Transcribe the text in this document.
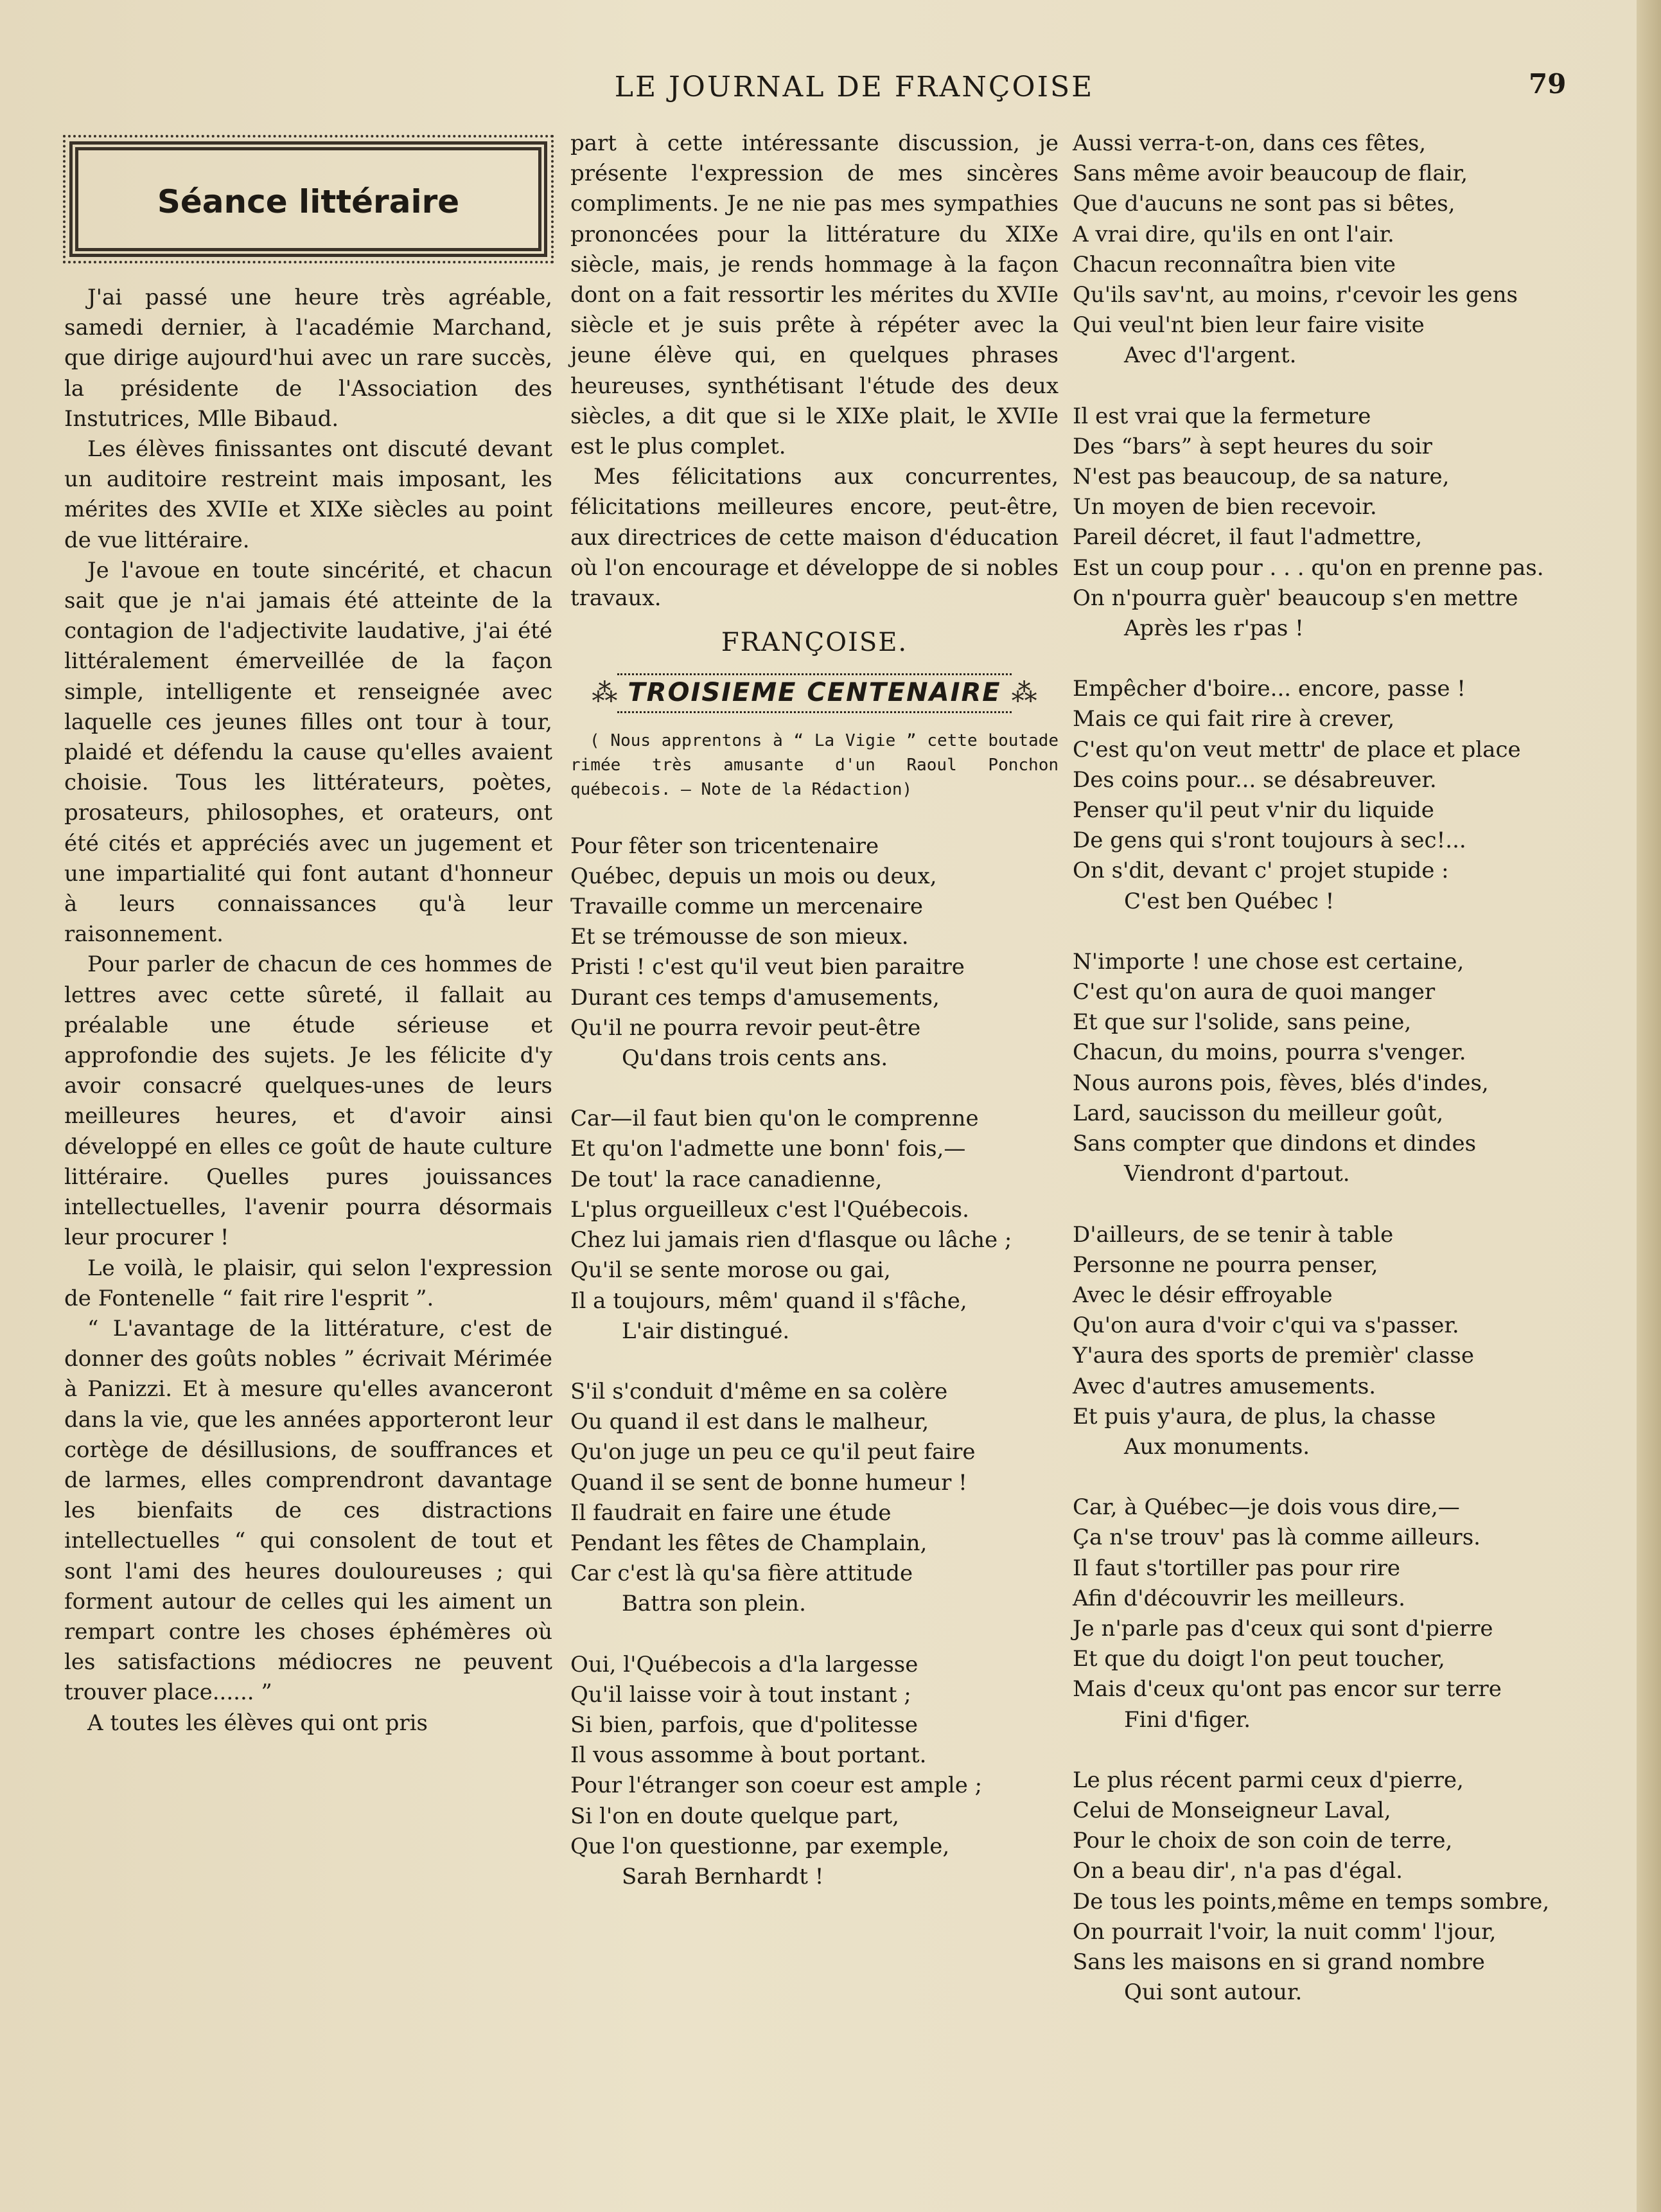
LE JOURNAL DE FRANÇOISE	79
Séance littéraire

J'ai passé une heure très agréable, samedi dernier, à l'académie Marchand, que dirige aujourd'hui avec un rare succès, la présidente de l'Association des Instutrices, Mlle Bibaud.

Les élèves finissantes ont discuté devant un auditoire restreint mais imposant, les mérites des XVIIe et XIXe siècles au point de vue littéraire.

Je l'avoue en toute sincérité, et chacun sait que je n'ai jamais été atteinte de la contagion de l'adjectivite laudative, j'ai été littéralement émerveillée de la façon simple, intelligente et renseignée avec laquelle ces jeunes filles ont tour à tour, plaidé et défendu la cause qu'elles avaient choisie. Tous les littérateurs, poètes, prosateurs, philosophes, et orateurs, ont été cités et appréciés avec un jugement et une impartialité qui font autant d'honneur à leurs connaissances qu'à leur raisonnement.

Pour parler de chacun de ces hommes de lettres avec cette sûreté, il fallait au préalable une étude sérieuse et approfondie des sujets. Je les félicite d'y avoir consacré quelques-unes de leurs meilleures heures, et d'avoir ainsi développé en elles ce goût de haute culture littéraire. Quelles pures jouissances intellectuelles, l'avenir pourra désormais leur procurer !

Le voilà, le plaisir, qui selon l'expression de Fontenelle “ fait rire l'esprit ”.

“ L'avantage de la littérature, c'est de donner des goûts nobles ” écrivait Mérimée à Panizzi. Et à mesure qu'elles avanceront dans la vie, que les années apporteront leur cortège de désillusions, de souffrances et de larmes, elles comprendront davantage les bienfaits de ces distractions intellectuelles “ qui consolent de tout et sont l'ami des heures douloureuses ; qui forment autour de celles qui les aiment un rempart contre les choses éphémères où les satisfactions médiocres ne peuvent trouver place...... ”

A toutes les élèves qui ont pris

part à cette intéressante discussion, je présente l'expression de mes sincères compliments. Je ne nie pas mes sympathies prononcées pour la littérature du XIXe siècle, mais, je rends hommage à la façon dont on a fait ressortir les mérites du XVIIe siècle et je suis prête à répéter avec la jeune élève qui, en quelques phrases heureuses, synthétisant l'étude des deux siècles, a dit que si le XIXe plait, le XVIIe est le plus complet.

Mes félicitations aux concurrentes, félicitations meilleures encore, peut-être, aux directrices de cette maison d'éducation où l'on encourage et développe de si nobles travaux.

FRANÇOISE.
⁂ TROISIEME CENTENAIRE ⁂
( Nous apprentons à “ La Vigie ” cette boutade rimée très amusante d'un Raoul Ponchon québecois. — Note de la Rédaction)
Pour fêter son tricentenaire
Québec, depuis un mois ou deux,
Travaille comme un mercenaire
Et se trémousse de son mieux.
Pristi ! c'est qu'il veut bien paraitre
Durant ces temps d'amusements,
Qu'il ne pourra revoir peut-être
Qu'dans trois cents ans.
Car—il faut bien qu'on le comprenne
Et qu'on l'admette une bonn' fois,—
De tout' la race canadienne,
L'plus orgueilleux c'est l'Québecois.
Chez lui jamais rien d'flasque ou lâche ;
Qu'il se sente morose ou gai,
Il a toujours, mêm' quand il s'fâche,
L'air distingué.
S'il s'conduit d'même en sa colère
Ou quand il est dans le malheur,
Qu'on juge un peu ce qu'il peut faire
Quand il se sent de bonne humeur !
Il faudrait en faire une étude
Pendant les fêtes de Champlain,
Car c'est là qu'sa fière attitude
Battra son plein.
Oui, l'Québecois a d'la largesse
Qu'il laisse voir à tout instant ;
Si bien, parfois, que d'politesse
Il vous assomme à bout portant.
Pour l'étranger son coeur est ample ;
Si l'on en doute quelque part,
Que l'on questionne, par exemple,
Sarah Bernhardt !
Aussi verra-t-on, dans ces fêtes,
Sans même avoir beaucoup de flair,
Que d'aucuns ne sont pas si bêtes,
A vrai dire, qu'ils en ont l'air.
Chacun reconnaîtra bien vite
Qu'ils sav'nt, au moins, r'cevoir les gens
Qui veul'nt bien leur faire visite
Avec d'l'argent.
Il est vrai que la fermeture
Des “bars” à sept heures du soir
N'est pas beaucoup, de sa nature,
Un moyen de bien recevoir.
Pareil décret, il faut l'admettre,
Est un coup pour . . . qu'on en prenne pas.
On n'pourra guèr' beaucoup s'en mettre
Après les r'pas !
Empêcher d'boire... encore, passe !
Mais ce qui fait rire à crever,
C'est qu'on veut mettr' de place et place
Des coins pour... se désabreuver.
Penser qu'il peut v'nir du liquide
De gens qui s'ront toujours à sec!...
On s'dit, devant c' projet stupide :
C'est ben Québec !
N'importe ! une chose est certaine,
C'est qu'on aura de quoi manger
Et que sur l'solide, sans peine,
Chacun, du moins, pourra s'venger.
Nous aurons pois, fèves, blés d'indes,
Lard, saucisson du meilleur goût,
Sans compter que dindons et dindes
Viendront d'partout.
D'ailleurs, de se tenir à table
Personne ne pourra penser,
Avec le désir effroyable
Qu'on aura d'voir c'qui va s'passer.
Y'aura des sports de premièr' classe
Avec d'autres amusements.
Et puis y'aura, de plus, la chasse
Aux monuments.
Car, à Québec—je dois vous dire,—
Ça n'se trouv' pas là comme ailleurs.
Il faut s'tortiller pas pour rire
Afin d'découvrir les meilleurs.
Je n'parle pas d'ceux qui sont d'pierre
Et que du doigt l'on peut toucher,
Mais d'ceux qu'ont pas encor sur terre
Fini d'figer.
Le plus récent parmi ceux d'pierre,
Celui de Monseigneur Laval,
Pour le choix de son coin de terre,
On a beau dir', n'a pas d'égal.
De tous les points,même en temps sombre,
On pourrait l'voir, la nuit comm' l'jour,
Sans les maisons en si grand nombre
Qui sont autour.
